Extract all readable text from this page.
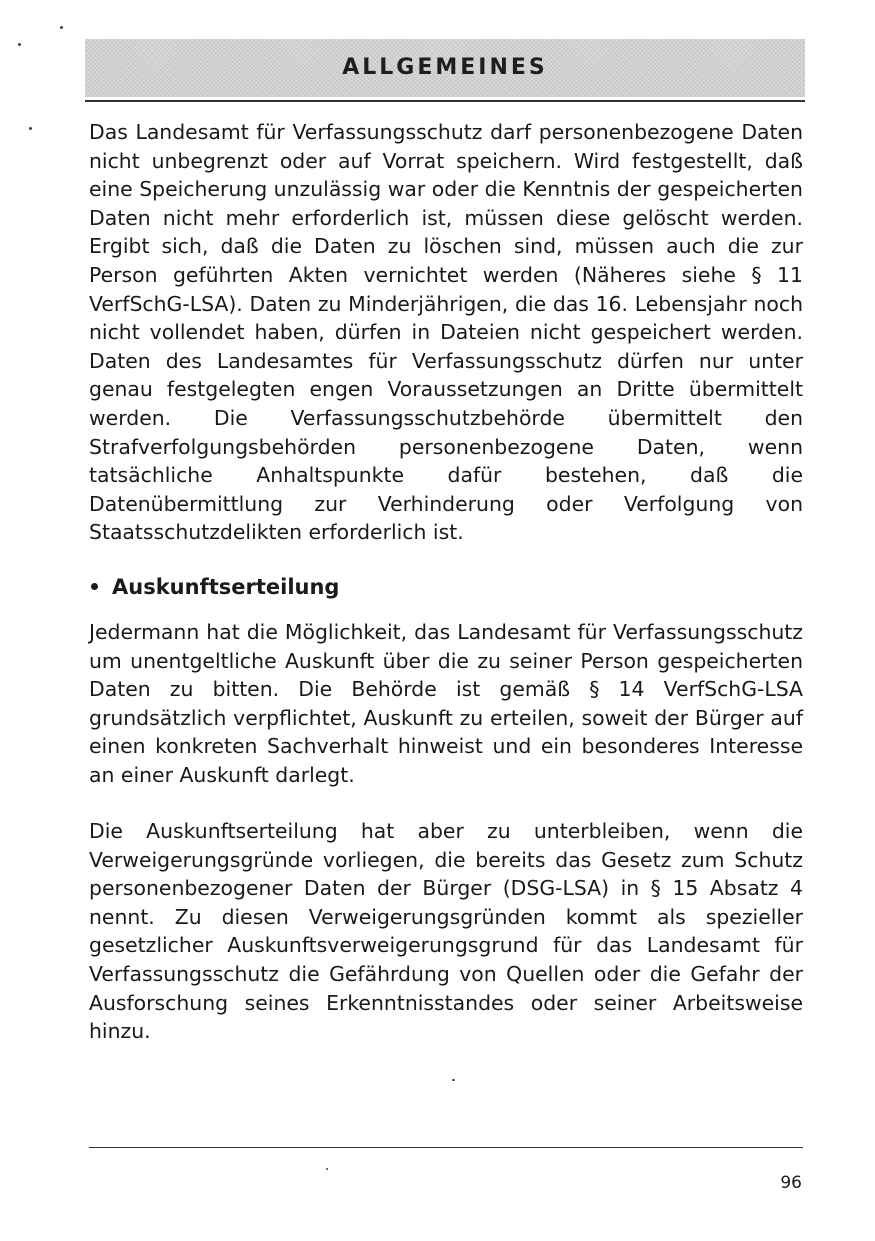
ALLGEMEINES

Das Landesamt für Verfassungsschutz darf personenbezogene Daten nicht unbegrenzt oder auf Vorrat speichern. Wird festgestellt, daß eine Speicherung unzulässig war oder die Kenntnis der gespeicherten Daten nicht mehr erforderlich ist, müssen diese gelöscht werden. Ergibt sich, daß die Daten zu löschen sind, müssen auch die zur Person geführten Akten vernichtet werden (Näheres siehe § 11 VerfSchG-LSA). Daten zu Minderjährigen, die das 16. Lebensjahr noch nicht vollendet haben, dürfen in Dateien nicht gespeichert werden. Daten des Landesamtes für Verfassungsschutz dürfen nur unter genau festgelegten engen Voraussetzungen an Dritte übermittelt werden. Die Verfassungsschutzbehörde übermittelt den Strafverfolgungsbehörden personenbezogene Daten, wenn tatsächliche Anhaltspunkte dafür bestehen, daß die Datenübermittlung zur Verhinderung oder Verfolgung von Staatsschutzdelikten erforderlich ist.

Auskunftserteilung

Jedermann hat die Möglichkeit, das Landesamt für Verfassungsschutz um unentgeltliche Auskunft über die zu seiner Person gespeicherten Daten zu bitten. Die Behörde ist gemäß § 14 VerfSchG-LSA grundsätzlich verpflichtet, Auskunft zu erteilen, soweit der Bürger auf einen konkreten Sachverhalt hinweist und ein besonderes Interesse an einer Auskunft darlegt.

Die Auskunftserteilung hat aber zu unterbleiben, wenn die Verweigerungsgründe vorliegen, die bereits das Gesetz zum Schutz personenbezogener Daten der Bürger (DSG-LSA) in § 15 Absatz 4 nennt. Zu diesen Verweigerungsgründen kommt als spezieller gesetzlicher Auskunftsverweigerungsgrund für das Landesamt für Verfassungsschutz die Gefährdung von Quellen oder die Gefahr der Ausforschung seines Erkenntnisstandes oder seiner Arbeitsweise hinzu.

96
